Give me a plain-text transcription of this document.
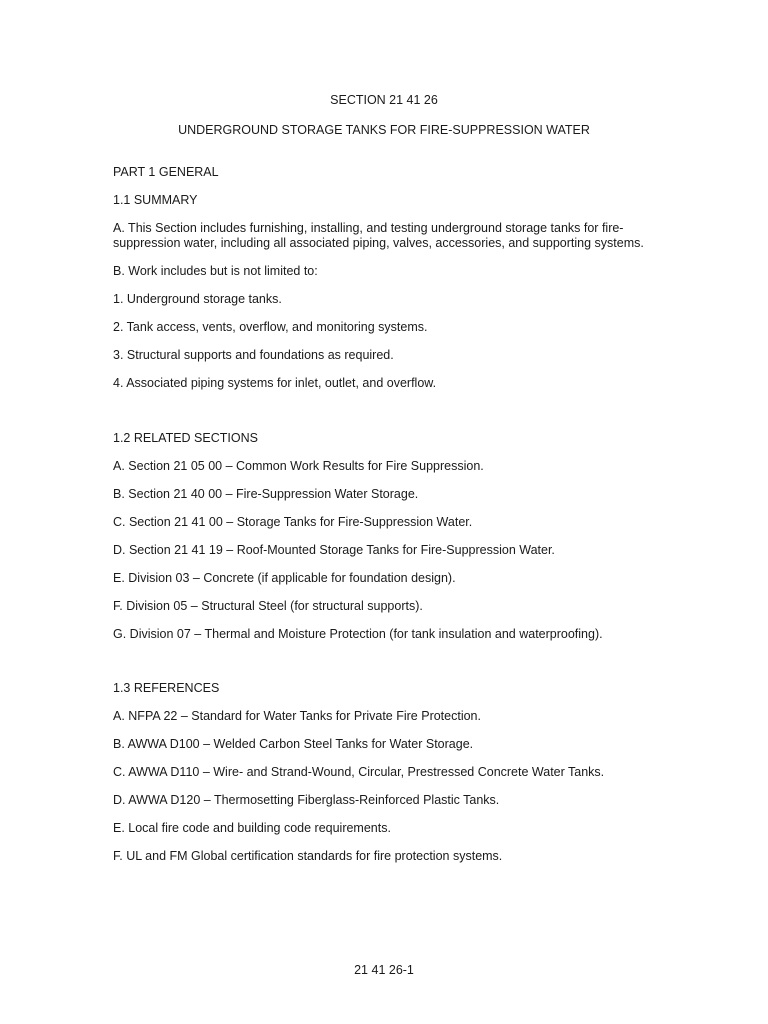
SECTION 21 41 26

UNDERGROUND STORAGE TANKS FOR FIRE-SUPPRESSION WATER

PART 1 GENERAL

1.1 SUMMARY

A. This Section includes furnishing, installing, and testing underground storage tanks for fire-suppression water, including all associated piping, valves, accessories, and supporting systems.

B. Work includes but is not limited to:

1. Underground storage tanks.

2. Tank access, vents, overflow, and monitoring systems.

3. Structural supports and foundations as required.

4. Associated piping systems for inlet, outlet, and overflow.

1.2 RELATED SECTIONS

A. Section 21 05 00 – Common Work Results for Fire Suppression.

B. Section 21 40 00 – Fire-Suppression Water Storage.

C. Section 21 41 00 – Storage Tanks for Fire-Suppression Water.

D. Section 21 41 19 – Roof-Mounted Storage Tanks for Fire-Suppression Water.

E. Division 03 – Concrete (if applicable for foundation design).

F. Division 05 – Structural Steel (for structural supports).

G. Division 07 – Thermal and Moisture Protection (for tank insulation and waterproofing).

1.3 REFERENCES

A. NFPA 22 – Standard for Water Tanks for Private Fire Protection.

B. AWWA D100 – Welded Carbon Steel Tanks for Water Storage.

C. AWWA D110 – Wire- and Strand-Wound, Circular, Prestressed Concrete Water Tanks.

D. AWWA D120 – Thermosetting Fiberglass-Reinforced Plastic Tanks.

E. Local fire code and building code requirements.

F. UL and FM Global certification standards for fire protection systems.

21 41 26-1
